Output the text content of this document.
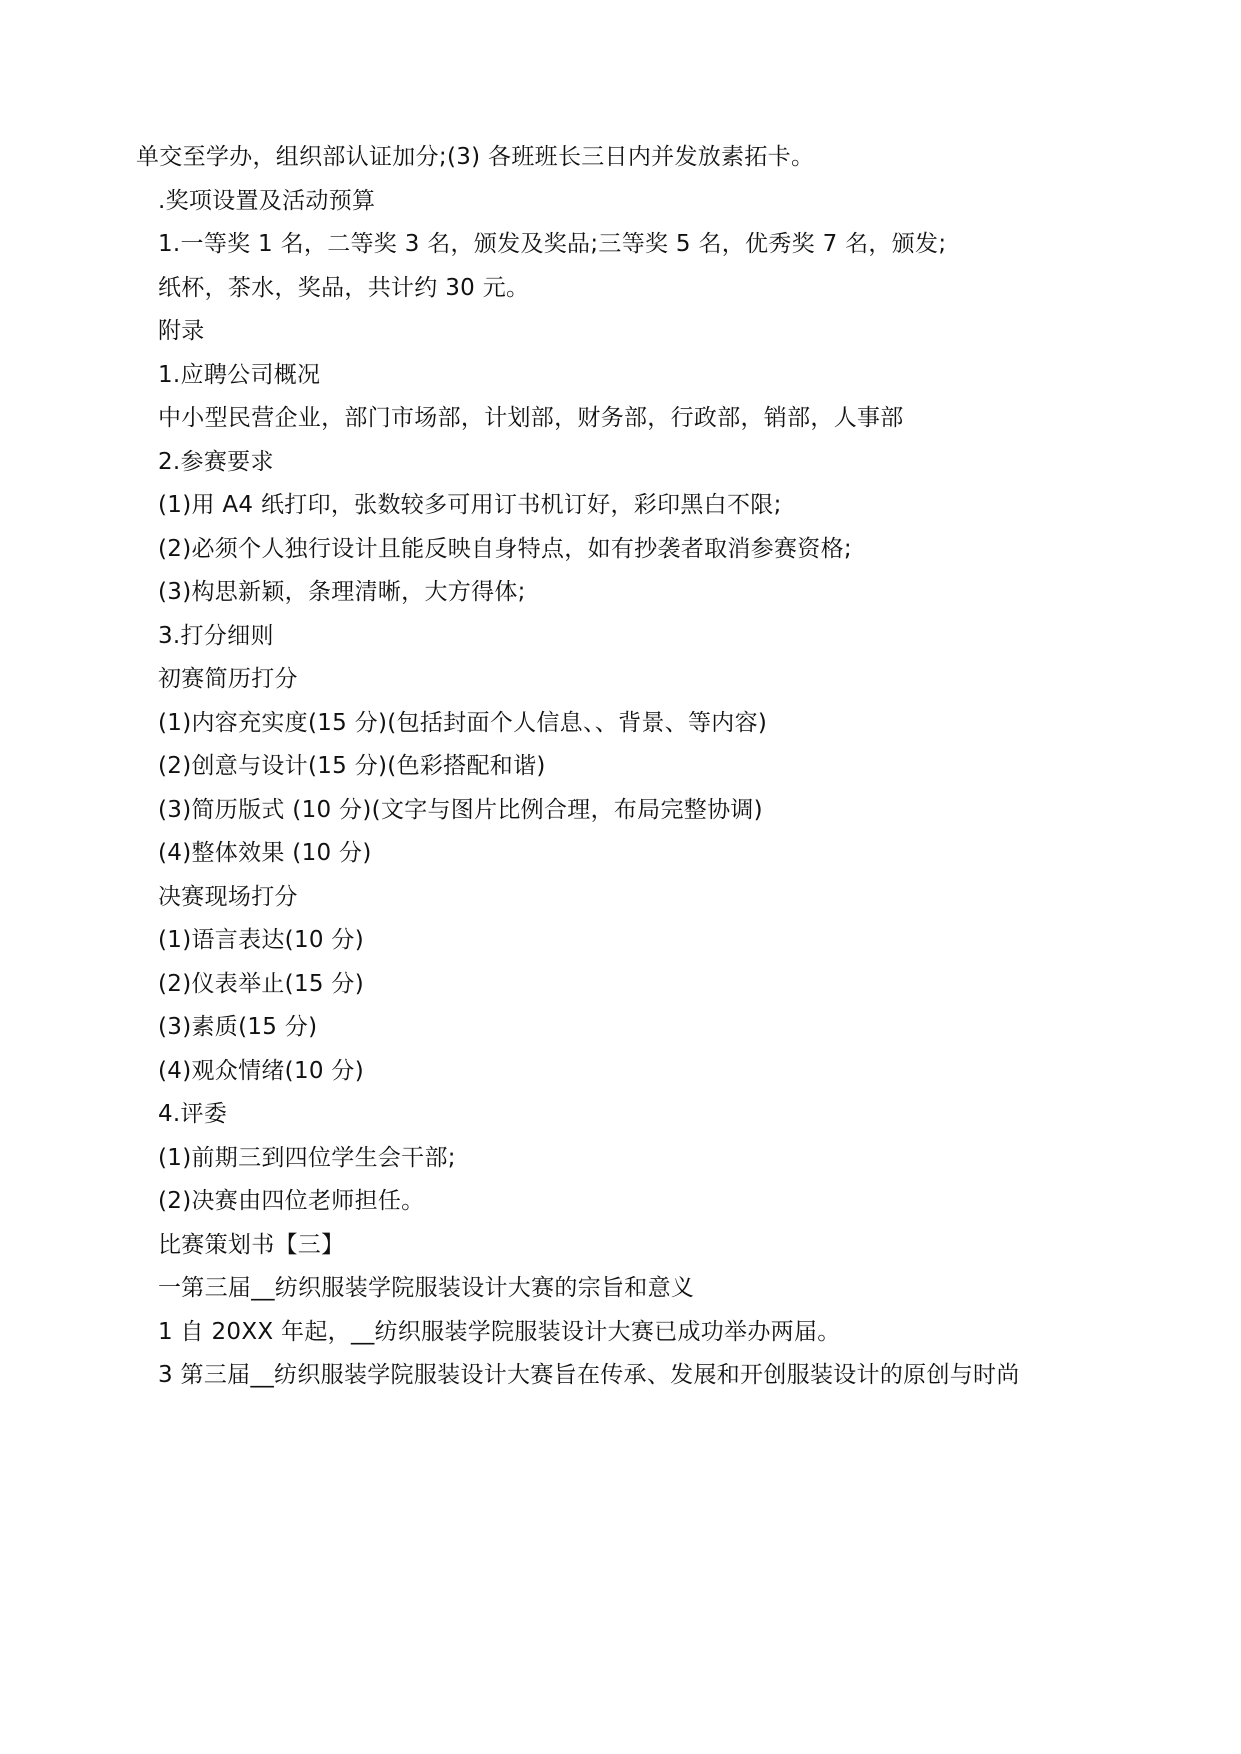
单交至学办，组织部认证加分;(3) 各班班长三日内并发放素拓卡。
.奖项设置及活动预算
1.一等奖 1 名，二等奖 3 名，颁发及奖品;三等奖 5 名，优秀奖 7 名，颁发;
纸杯，茶水，奖品，共计约 30 元。
附录
1.应聘公司概况
中小型民营企业，部门市场部，计划部，财务部，行政部，销部，人事部
2.参赛要求
(1)用 A4 纸打印，张数较多可用订书机订好，彩印黑白不限;
(2)必须个人独行设计且能反映自身特点，如有抄袭者取消参赛资格;
(3)构思新颖，条理清晰，大方得体;
3.打分细则
初赛简历打分
(1)内容充实度(15 分)(包括封面个人信息、、背景、等内容)
(2)创意与设计(15 分)(色彩搭配和谐)
(3)简历版式 (10 分)(文字与图片比例合理，布局完整协调)
(4)整体效果 (10 分)
决赛现场打分
(1)语言表达(10 分)
(2)仪表举止(15 分)
(3)素质(15 分)
(4)观众情绪(10 分)
4.评委
(1)前期三到四位学生会干部;
(2)决赛由四位老师担任。
比赛策划书【三】
一第三届__纺织服装学院服装设计大赛的宗旨和意义
1 自 20XX 年起，__纺织服装学院服装设计大赛已成功举办两届。
3 第三届__纺织服装学院服装设计大赛旨在传承、发展和开创服装设计的原创与时尚
